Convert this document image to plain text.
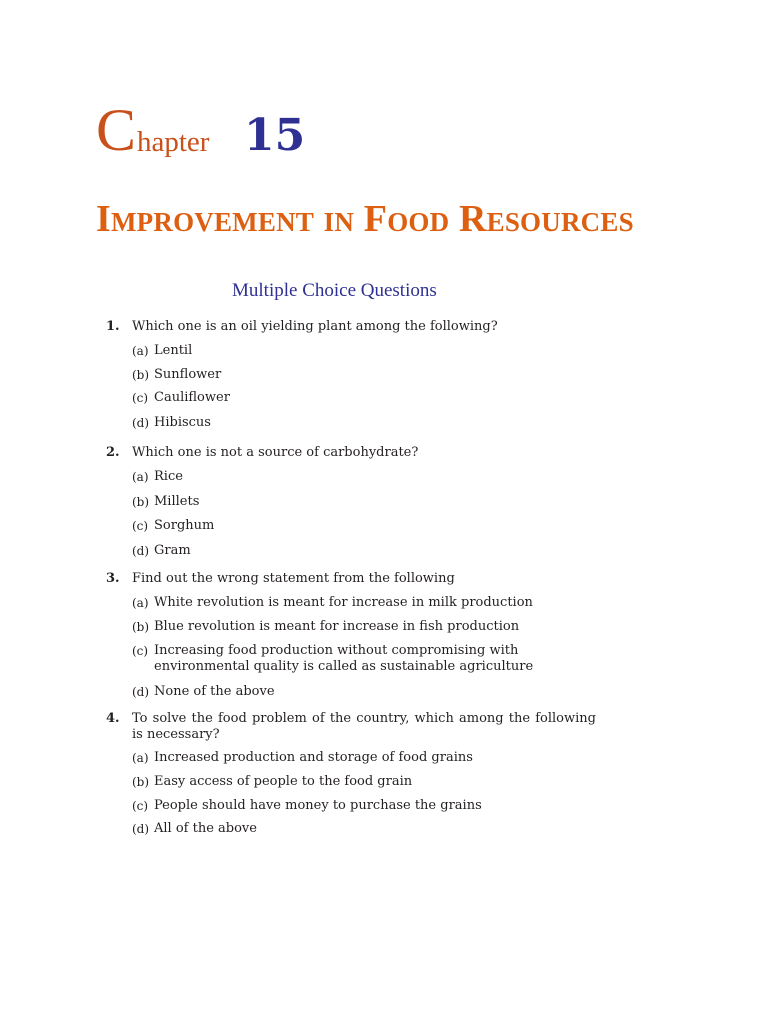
C hapter 15
Improvement in Food Resources
Multiple Choice Questions
1. Which one is an oil yielding plant among the following?
(a) Lentil
(b) Sunflower
(c) Cauliflower
(d) Hibiscus
2. Which one is not a source of carbohydrate?
(a) Rice
(b) Millets
(c) Sorghum
(d) Gram
3. Find out the wrong statement from the following
(a) White revolution is meant for increase in milk production
(b) Blue revolution is meant for increase in fish production
(c) Increasing food production without compromising with environmental quality is called as sustainable agriculture
(d) None of the above
4. To solve the food problem of the country, which among the following is necessary?
(a) Increased production and storage of food grains
(b) Easy access of people to the food grain
(c) People should have money to purchase the grains
(d) All of the above
